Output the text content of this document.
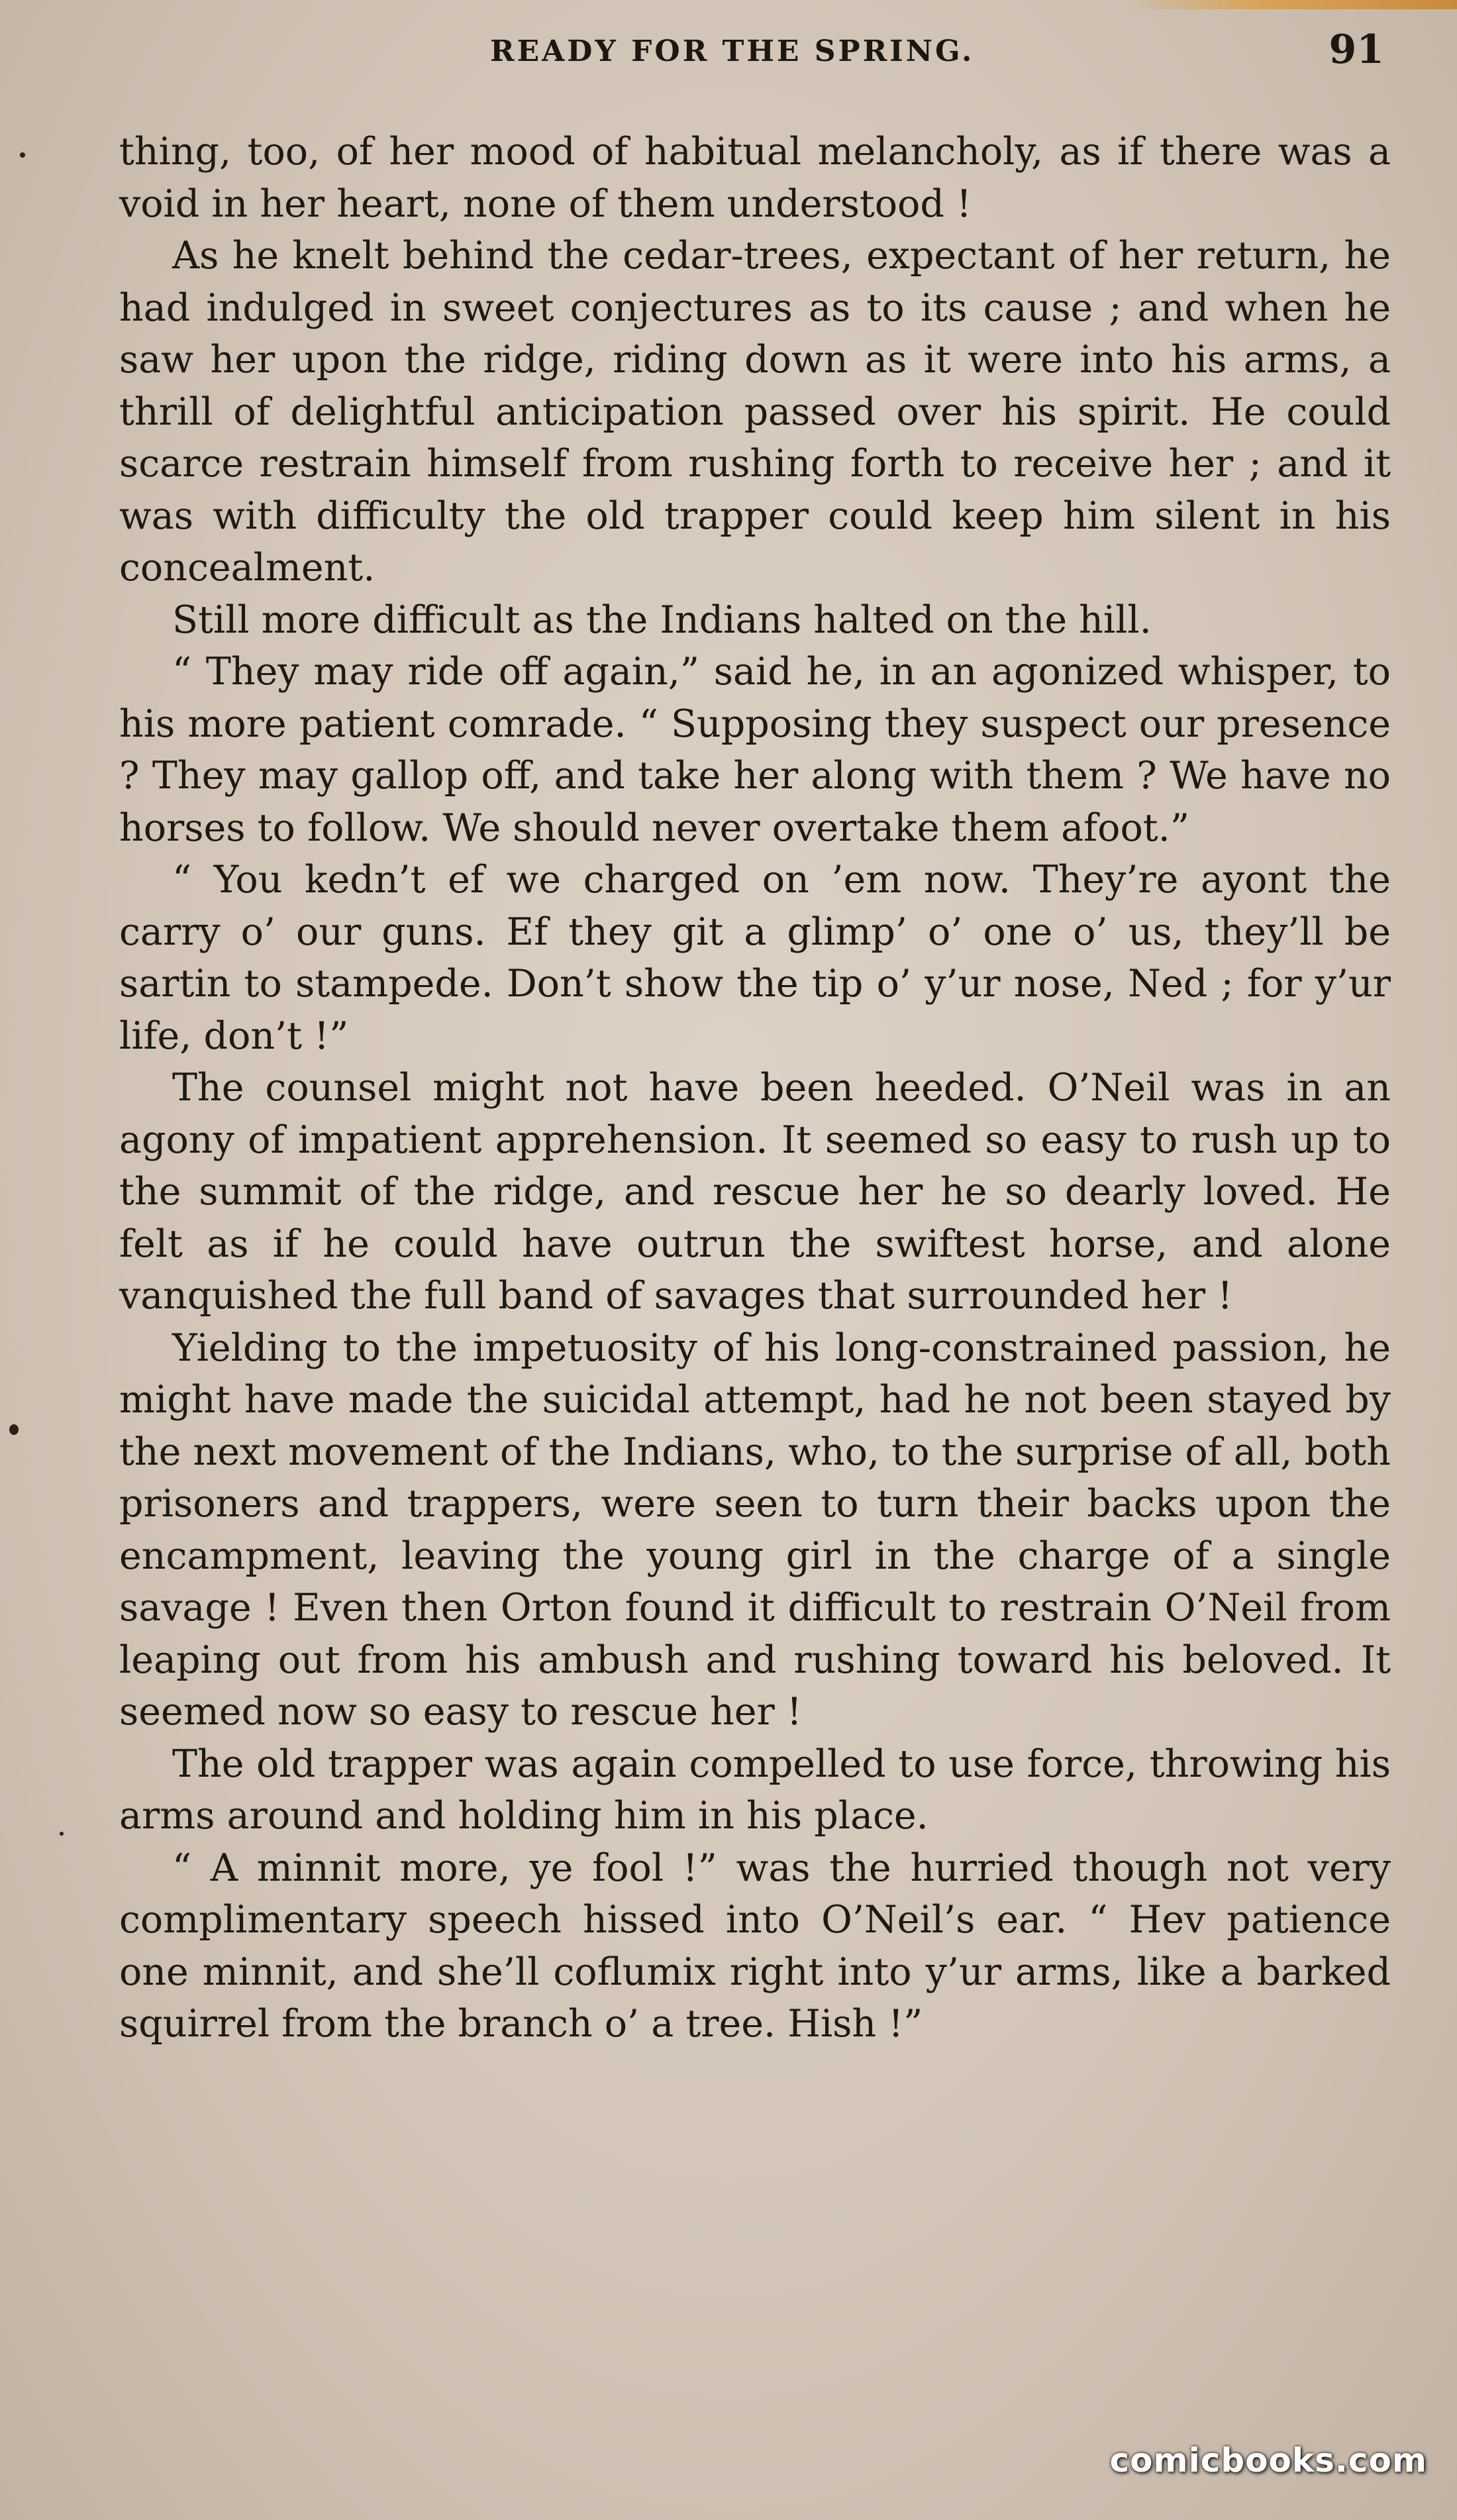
READY FOR THE SPRING.	91

thing, too, of her mood of habitual melancholy, as if there was a void in her heart, none of them understood !

As he knelt behind the cedar-trees, expectant of her return, he had indulged in sweet conjectures as to its cause ; and when he saw her upon the ridge, riding down as it were into his arms, a thrill of delightful anticipation passed over his spirit. He could scarce restrain himself from rushing forth to receive her ; and it was with difficulty the old trapper could keep him silent in his concealment.

Still more difficult as the Indians halted on the hill.

“ They may ride off again,” said he, in an agonized whisper, to his more patient comrade. “ Supposing they suspect our presence ? They may gallop off, and take her along with them ? We have no horses to follow. We should never overtake them afoot.”

“ You kedn’t ef we charged on ’em now. They’re ayont the carry o’ our guns. Ef they git a glimp’ o’ one o’ us, they’ll be sartin to stampede. Don’t show the tip o’ y’ur nose, Ned ; for y’ur life, don’t !”

The counsel might not have been heeded. O’Neil was in an agony of impatient apprehension. It seemed so easy to rush up to the summit of the ridge, and rescue her he so dearly loved. He felt as if he could have outrun the swiftest horse, and alone vanquished the full band of savages that surrounded her !

Yielding to the impetuosity of his long-constrained passion, he might have made the suicidal attempt, had he not been stayed by the next movement of the Indians, who, to the surprise of all, both prisoners and trappers, were seen to turn their backs upon the encampment, leaving the young girl in the charge of a single savage ! Even then Orton found it difficult to restrain O’Neil from leaping out from his ambush and rushing toward his beloved. It seemed now so easy to rescue her !

The old trapper was again compelled to use force, throwing his arms around and holding him in his place.

“ A minnit more, ye fool !” was the hurried though not very complimentary speech hissed into O’Neil’s ear. “ Hev patience one minnit, and she’ll coflumix right into y’ur arms, like a barked squirrel from the branch o’ a tree. Hish !”

comicbooks.com
